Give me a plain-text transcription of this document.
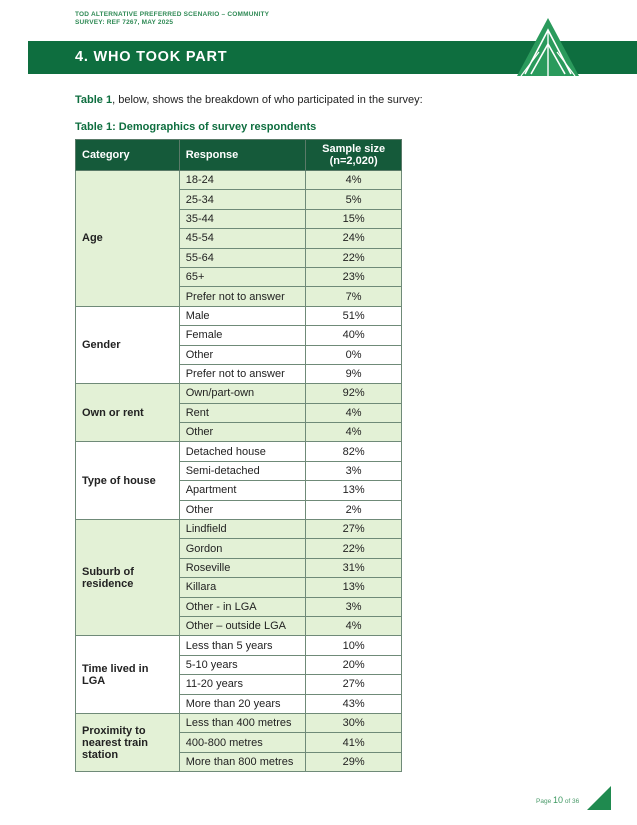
TOD ALTERNATIVE PREFERRED SCENARIO – COMMUNITY
SURVEY: REF 7267, MAY 2025
4. WHO TOOK PART
Table 1, below, shows the breakdown of who participated in the survey:
Table 1: Demographics of survey respondents
Category	Response	Sample size
(n=2,020)
Age	18-24	4%
	25-34	5%
	35-44	15%
	45-54	24%
	55-64	22%
	65+	23%
	Prefer not to answer	7%
Gender	Male	51%
	Female	40%
	Other	0%
	Prefer not to answer	9%
Own or rent	Own/part-own	92%
	Rent	4%
	Other	4%
Type of house	Detached house	82%
	Semi-detached	3%
	Apartment	13%
	Other	2%
Suburb of residence	Lindfield	27%
	Gordon	22%
	Roseville	31%
	Killara	13%
	Other - in LGA	3%
	Other – outside LGA	4%
Time lived in LGA	Less than 5 years	10%
	5-10 years	20%
	11-20 years	27%
	More than 20 years	43%
Proximity to nearest train station	Less than 400 metres	30%
	400-800 metres	41%
	More than 800 metres	29%
Page 10 of 36
